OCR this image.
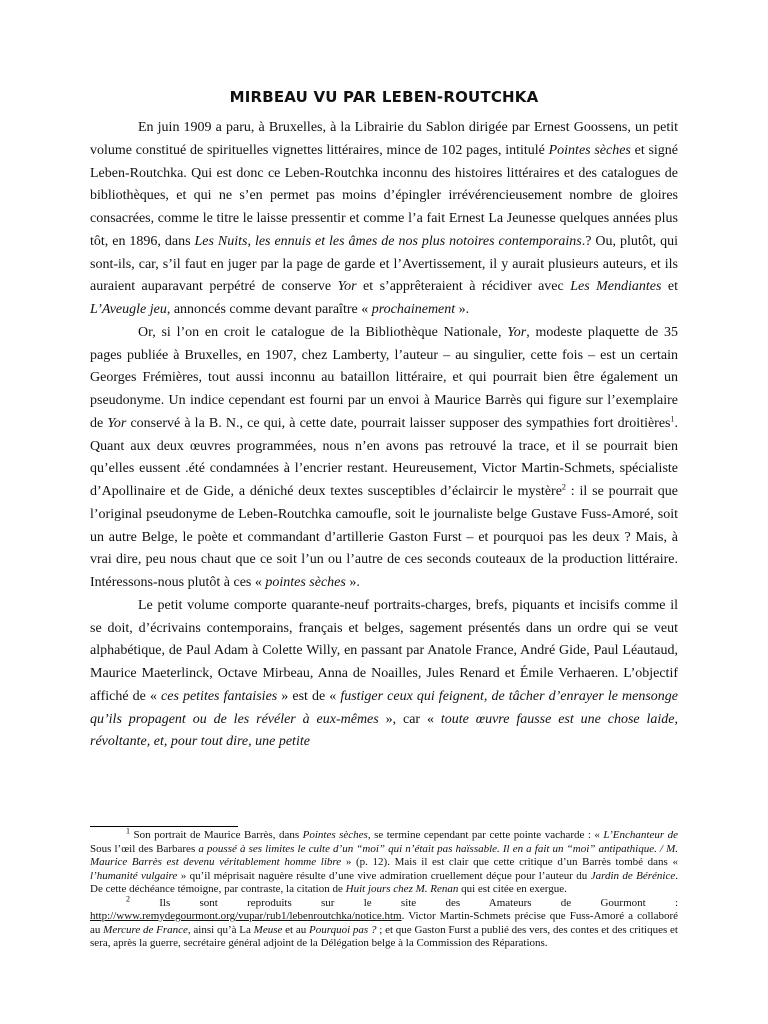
MIRBEAU VU PAR LEBEN-ROUTCHKA

En juin 1909 a paru, à Bruxelles, à la Librairie du Sablon dirigée par Ernest Goossens, un petit volume constitué de spirituelles vignettes littéraires, mince de 102 pages, intitulé Pointes sèches et signé Leben-Routchka. Qui est donc ce Leben-Routchka inconnu des histoires littéraires et des catalogues de bibliothèques, et qui ne s’en permet pas moins d’épingler irrévérencieusement nombre de gloires consacrées, comme le titre le laisse pressentir et comme l’a fait Ernest La Jeunesse quelques années plus tôt, en 1896, dans Les Nuits, les ennuis et les âmes de nos plus notoires contemporains.? Ou, plutôt, qui sont-ils, car, s’il faut en juger par la page de garde et l’Avertissement, il y aurait plusieurs auteurs, et ils auraient auparavant perpétré de conserve Yor et s’apprêteraient à récidiver avec Les Mendiantes et L’Aveugle jeu, annoncés comme devant paraître « prochainement ».

Or, si l’on en croit le catalogue de la Bibliothèque Nationale, Yor, modeste plaquette de 35 pages publiée à Bruxelles, en 1907, chez Lamberty, l’auteur – au singulier, cette fois – est un certain Georges Frémières, tout aussi inconnu au bataillon littéraire, et qui pourrait bien être également un pseudonyme. Un indice cependant est fourni par un envoi à Maurice Barrès qui figure sur l’exemplaire de Yor conservé à la B. N., ce qui, à cette date, pourrait laisser supposer des sympathies fort droitières$^1$. Quant aux deux œuvres programmées, nous n’en avons pas retrouvé la trace, et il se pourrait bien qu’elles eussent .été condamnées à l’encrier restant. Heureusement, Victor Martin-Schmets, spécialiste d’Apollinaire et de Gide, a déniché deux textes susceptibles d’éclaircir le mystère$^2$ : il se pourrait que l’original pseudonyme de Leben-Routchka camoufle, soit le journaliste belge Gustave Fuss-Amoré, soit un autre Belge, le poète et commandant d’artillerie Gaston Furst – et pourquoi pas les deux ? Mais, à vrai dire, peu nous chaut que ce soit l’un ou l’autre de ces seconds couteaux de la production littéraire. Intéressons-nous plutôt à ces « pointes sèches ».

Le petit volume comporte quarante-neuf portraits-charges, brefs, piquants et incisifs comme il se doit, d’écrivains contemporains, français et belges, sagement présentés dans un ordre qui se veut alphabétique, de Paul Adam à Colette Willy, en passant par Anatole France, André Gide, Paul Léautaud, Maurice Maeterlinck, Octave Mirbeau, Anna de Noailles, Jules Renard et Émile Verhaeren. L’objectif affiché de « ces petites fantaisies » est de « fustiger ceux qui feignent, de tâcher d’enrayer le mensonge qu’ils propagent ou de les révéler à eux-mêmes », car « toute œuvre fausse est une chose laide, révoltante, et, pour tout dire, une petite

$^1$ Son portrait de Maurice Barrès, dans Pointes sèches, se termine cependant par cette pointe vacharde : « L’Enchanteur de Sous l’œil des Barbares a poussé à ses limites le culte d’un “moi” qui n’était pas haïssable. Il en a fait un “moi” antipathique. / M. Maurice Barrès est devenu véritablement homme libre » (p. 12). Mais il est clair que cette critique d’un Barrès tombé dans « l’humanité vulgaire » qu’il méprisait naguère résulte d’une vive admiration cruellement déçue pour l’auteur du Jardin de Bérénice. De cette déchéance témoigne, par contraste, la citation de Huit jours chez M. Renan qui est citée en exergue.

$^2$ Ils sont reproduits sur le site des Amateurs de Gourmont : http://www.remydegourmont.org/vupar/rub1/lebenroutchka/notice.htm. Victor Martin-Schmets précise que Fuss-Amoré a collaboré au Mercure de France, ainsi qu’à La Meuse et au Pourquoi pas ? ; et que Gaston Furst a publié des vers, des contes et des critiques et sera, après la guerre, secrétaire général adjoint de la Délégation belge à la Commission des Réparations.
